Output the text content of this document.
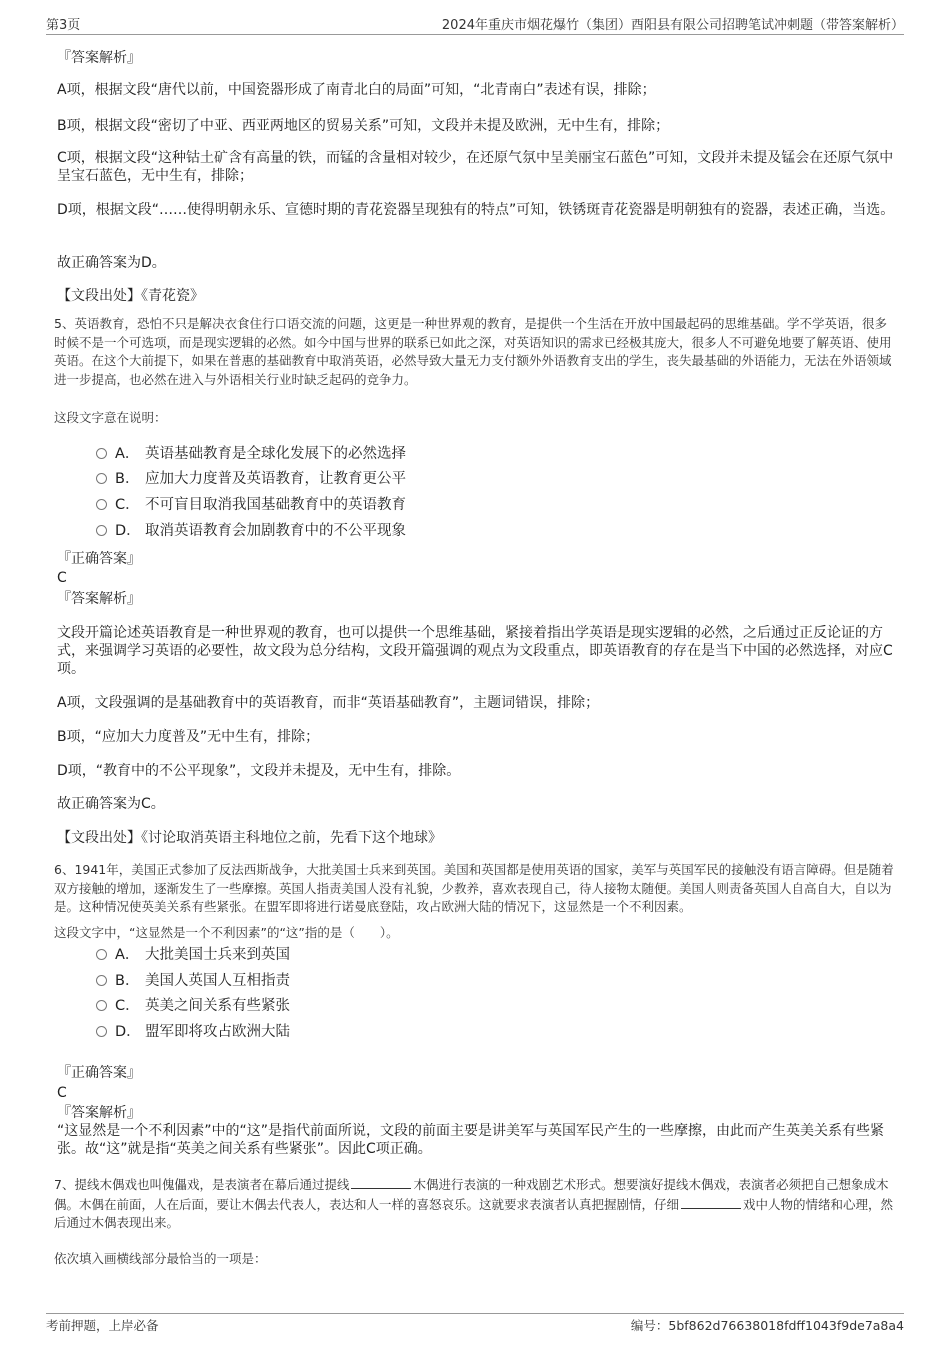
第3页	2024年重庆市烟花爆竹（集团）酉阳县有限公司招聘笔试冲刺题（带答案解析）
『答案解析』
A项，根据文段“唐代以前，中国瓷器形成了南青北白的局面”可知，“北青南白”表述有误，排除；
B项，根据文段“密切了中亚、西亚两地区的贸易关系”可知，文段并未提及欧洲，无中生有，排除；
C项，根据文段“这种钴土矿含有高量的铁，而锰的含量相对较少，在还原气氛中呈美丽宝石蓝色”可知，文段并未提及锰会在还原气氛中呈宝石蓝色，无中生有，排除；
D项，根据文段“……使得明朝永乐、宣德时期的青花瓷器呈现独有的特点”可知，铁锈斑青花瓷器是明朝独有的瓷器，表述正确，当选。
故正确答案为D。
【文段出处】《青花瓷》
5、英语教育，恐怕不只是解决衣食住行口语交流的问题，这更是一种世界观的教育，是提供一个生活在开放中国最起码的思维基础。学不学英语，很多时候不是一个可选项，而是现实逻辑的必然。如今中国与世界的联系已如此之深，对英语知识的需求已经极其庞大，很多人不可避免地要了解英语、使用英语。在这个大前提下，如果在普惠的基础教育中取消英语，必然导致大量无力支付额外外语教育支出的学生，丧失最基础的外语能力，无法在外语领域进一步提高，也必然在进入与外语相关行业时缺乏起码的竞争力。
这段文字意在说明：
A． 英语基础教育是全球化发展下的必然选择
B． 应加大力度普及英语教育，让教育更公平
C． 不可盲目取消我国基础教育中的英语教育
D． 取消英语教育会加剧教育中的不公平现象
『正确答案』
C
『答案解析』
文段开篇论述英语教育是一种世界观的教育，也可以提供一个思维基础，紧接着指出学英语是现实逻辑的必然，之后通过正反论证的方式，来强调学习英语的必要性，故文段为总分结构，文段开篇强调的观点为文段重点，即英语教育的存在是当下中国的必然选择，对应C项。
A项，文段强调的是基础教育中的英语教育，而非“英语基础教育”，主题词错误，排除；
B项，“应加大力度普及”无中生有，排除；
D项，“教育中的不公平现象”，文段并未提及，无中生有，排除。
故正确答案为C。
【文段出处】《讨论取消英语主科地位之前，先看下这个地球》
6、1941年，美国正式参加了反法西斯战争，大批美国士兵来到英国。美国和英国都是使用英语的国家，美军与英国军民的接触没有语言障碍。但是随着双方接触的增加，逐渐发生了一些摩擦。英国人指责美国人没有礼貌，少教养，喜欢表现自己，待人接物太随便。美国人则责备英国人自高自大，自以为是。这种情况使英美关系有些紧张。在盟军即将进行诺曼底登陆，攻占欧洲大陆的情况下，这显然是一个不利因素。
这段文字中，“这显然是一个不利因素”的“这”指的是（　　）。
A． 大批美国士兵来到英国
B． 美国人英国人互相指责
C． 英美之间关系有些紧张
D． 盟军即将攻占欧洲大陆
『正确答案』
C
『答案解析』
“这显然是一个不利因素”中的“这”是指代前面所说，文段的前面主要是讲美军与英国军民产生的一些摩擦，由此而产生英美关系有些紧张。故“这”就是指“英美之间关系有些紧张”。因此C项正确。
7、提线木偶戏也叫傀儡戏，是表演者在幕后通过提线	木偶进行表演的一种戏剧艺术形式。想要演好提线木偶戏，表演者必须把自己想象成木偶。木偶在前面，人在后面，要让木偶去代表人，表达和人一样的喜怒哀乐。这就要求表演者认真把握剧情，仔细	戏中人物的情绪和心理，然后通过木偶表现出来。
依次填入画横线部分最恰当的一项是：
考前押题，上岸必备	编号：5bf862d76638018fdff1043f9de7a8a4
